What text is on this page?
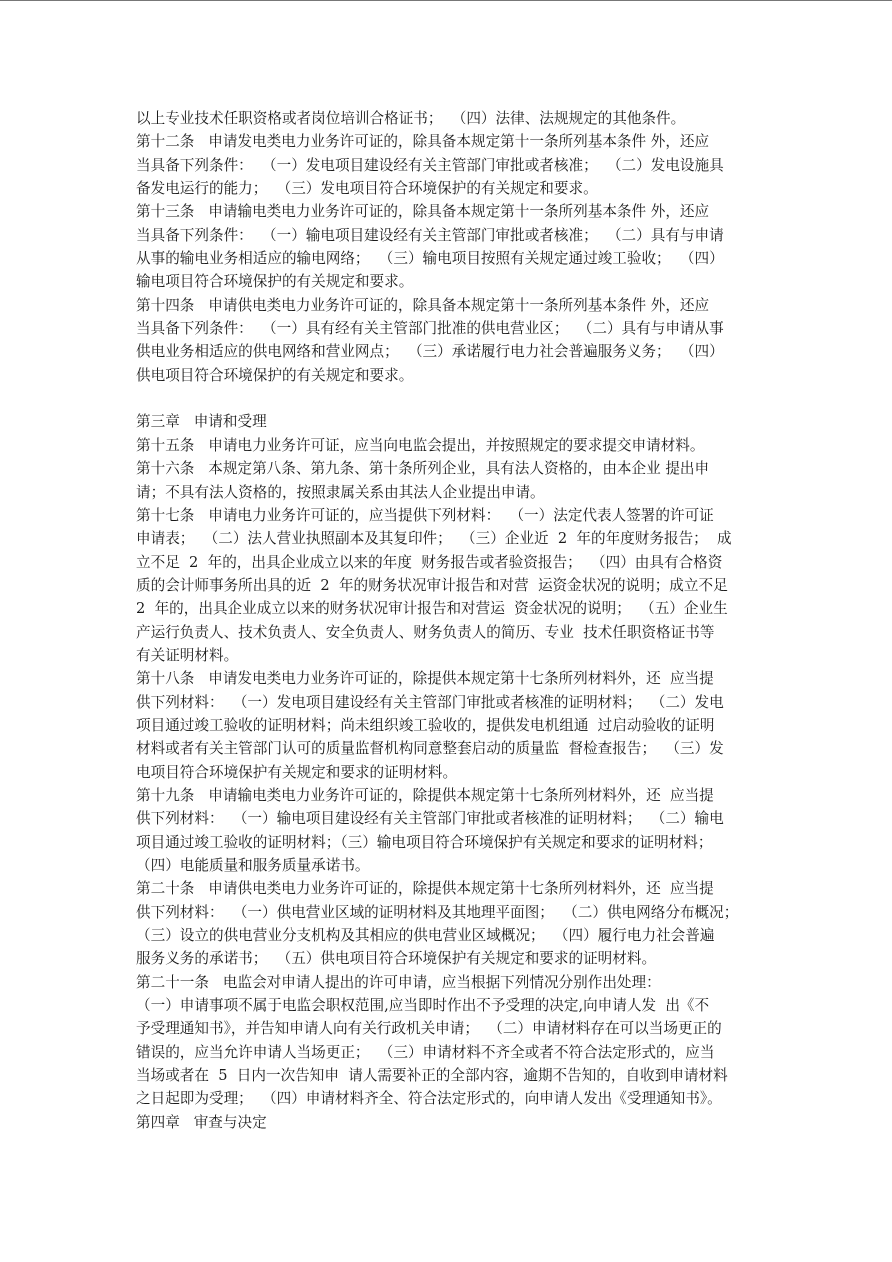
以上专业技术任职资格或者岗位培训合格证书；  （四）法律、法规规定的其他条件。
第十二条   申请发电类电力业务许可证的，除具备本规定第十一条所列基本条件 外，还应
当具备下列条件：  （一）发电项目建设经有关主管部门审批或者核准；  （二）发电设施具
备发电运行的能力；  （三）发电项目符合环境保护的有关规定和要求。
第十三条   申请输电类电力业务许可证的，除具备本规定第十一条所列基本条件 外，还应
当具备下列条件：  （一）输电项目建设经有关主管部门审批或者核准；  （二）具有与申请
从事的输电业务相适应的输电网络；  （三）输电项目按照有关规定通过竣工验收；  （四）
输电项目符合环境保护的有关规定和要求。
第十四条   申请供电类电力业务许可证的，除具备本规定第十一条所列基本条件 外，还应
当具备下列条件：  （一）具有经有关主管部门批准的供电营业区；  （二）具有与申请从事
供电业务相适应的供电网络和营业网点；  （三）承诺履行电力社会普遍服务义务；  （四）
供电项目符合环境保护的有关规定和要求。
第三章   申请和受理
第十五条   申请电力业务许可证，应当向电监会提出，并按照规定的要求提交申请材料。
第十六条   本规定第八条、第九条、第十条所列企业，具有法人资格的，由本企业 提出申
请；不具有法人资格的，按照隶属关系由其法人企业提出申请。
第十七条   申请电力业务许可证的，应当提供下列材料：  （一）法定代表人签署的许可证
申请表；  （二）法人营业执照副本及其复印件；  （三）企业近  2  年的年度财务报告；  成
立不足  2  年的，出具企业成立以来的年度  财务报告或者验资报告；  （四）由具有合格资
质的会计师事务所出具的近  2  年的财务状况审计报告和对营  运资金状况的说明；成立不足
2  年的，出具企业成立以来的财务状况审计报告和对营运  资金状况的说明；  （五）企业生
产运行负责人、技术负责人、安全负责人、财务负责人的简历、专业  技术任职资格证书等
有关证明材料。
第十八条   申请发电类电力业务许可证的，除提供本规定第十七条所列材料外，还  应当提
供下列材料：  （一）发电项目建设经有关主管部门审批或者核准的证明材料；  （二）发电
项目通过竣工验收的证明材料；尚未组织竣工验收的，提供发电机组通  过启动验收的证明
材料或者有关主管部门认可的质量监督机构同意整套启动的质量监  督检查报告；  （三）发
电项目符合环境保护有关规定和要求的证明材料。
第十九条   申请输电类电力业务许可证的，除提供本规定第十七条所列材料外，还  应当提
供下列材料：  （一）输电项目建设经有关主管部门审批或者核准的证明材料；  （二）输电
项目通过竣工验收的证明材料；（三）输电项目符合环境保护有关规定和要求的证明材料；
（四）电能质量和服务质量承诺书。
第二十条   申请供电类电力业务许可证的，除提供本规定第十七条所列材料外，还  应当提
供下列材料：  （一）供电营业区域的证明材料及其地理平面图；  （二）供电网络分布概况；
（三）设立的供电营业分支机构及其相应的供电营业区域概况；  （四）履行电力社会普遍
服务义务的承诺书；  （五）供电项目符合环境保护有关规定和要求的证明材料。
第二十一条   电监会对申请人提出的许可申请，应当根据下列情况分别作出处理：
（一）申请事项不属于电监会职权范围,应当即时作出不予受理的决定,向申请人发  出《不
予受理通知书》，并告知申请人向有关行政机关申请；  （二）申请材料存在可以当场更正的
错误的，应当允许申请人当场更正；  （三）申请材料不齐全或者不符合法定形式的，应当
当场或者在  5  日内一次告知申  请人需要补正的全部内容，逾期不告知的，自收到申请材料
之日起即为受理；  （四）申请材料齐全、符合法定形式的，向申请人发出《受理通知书》。
第四章   审查与决定
